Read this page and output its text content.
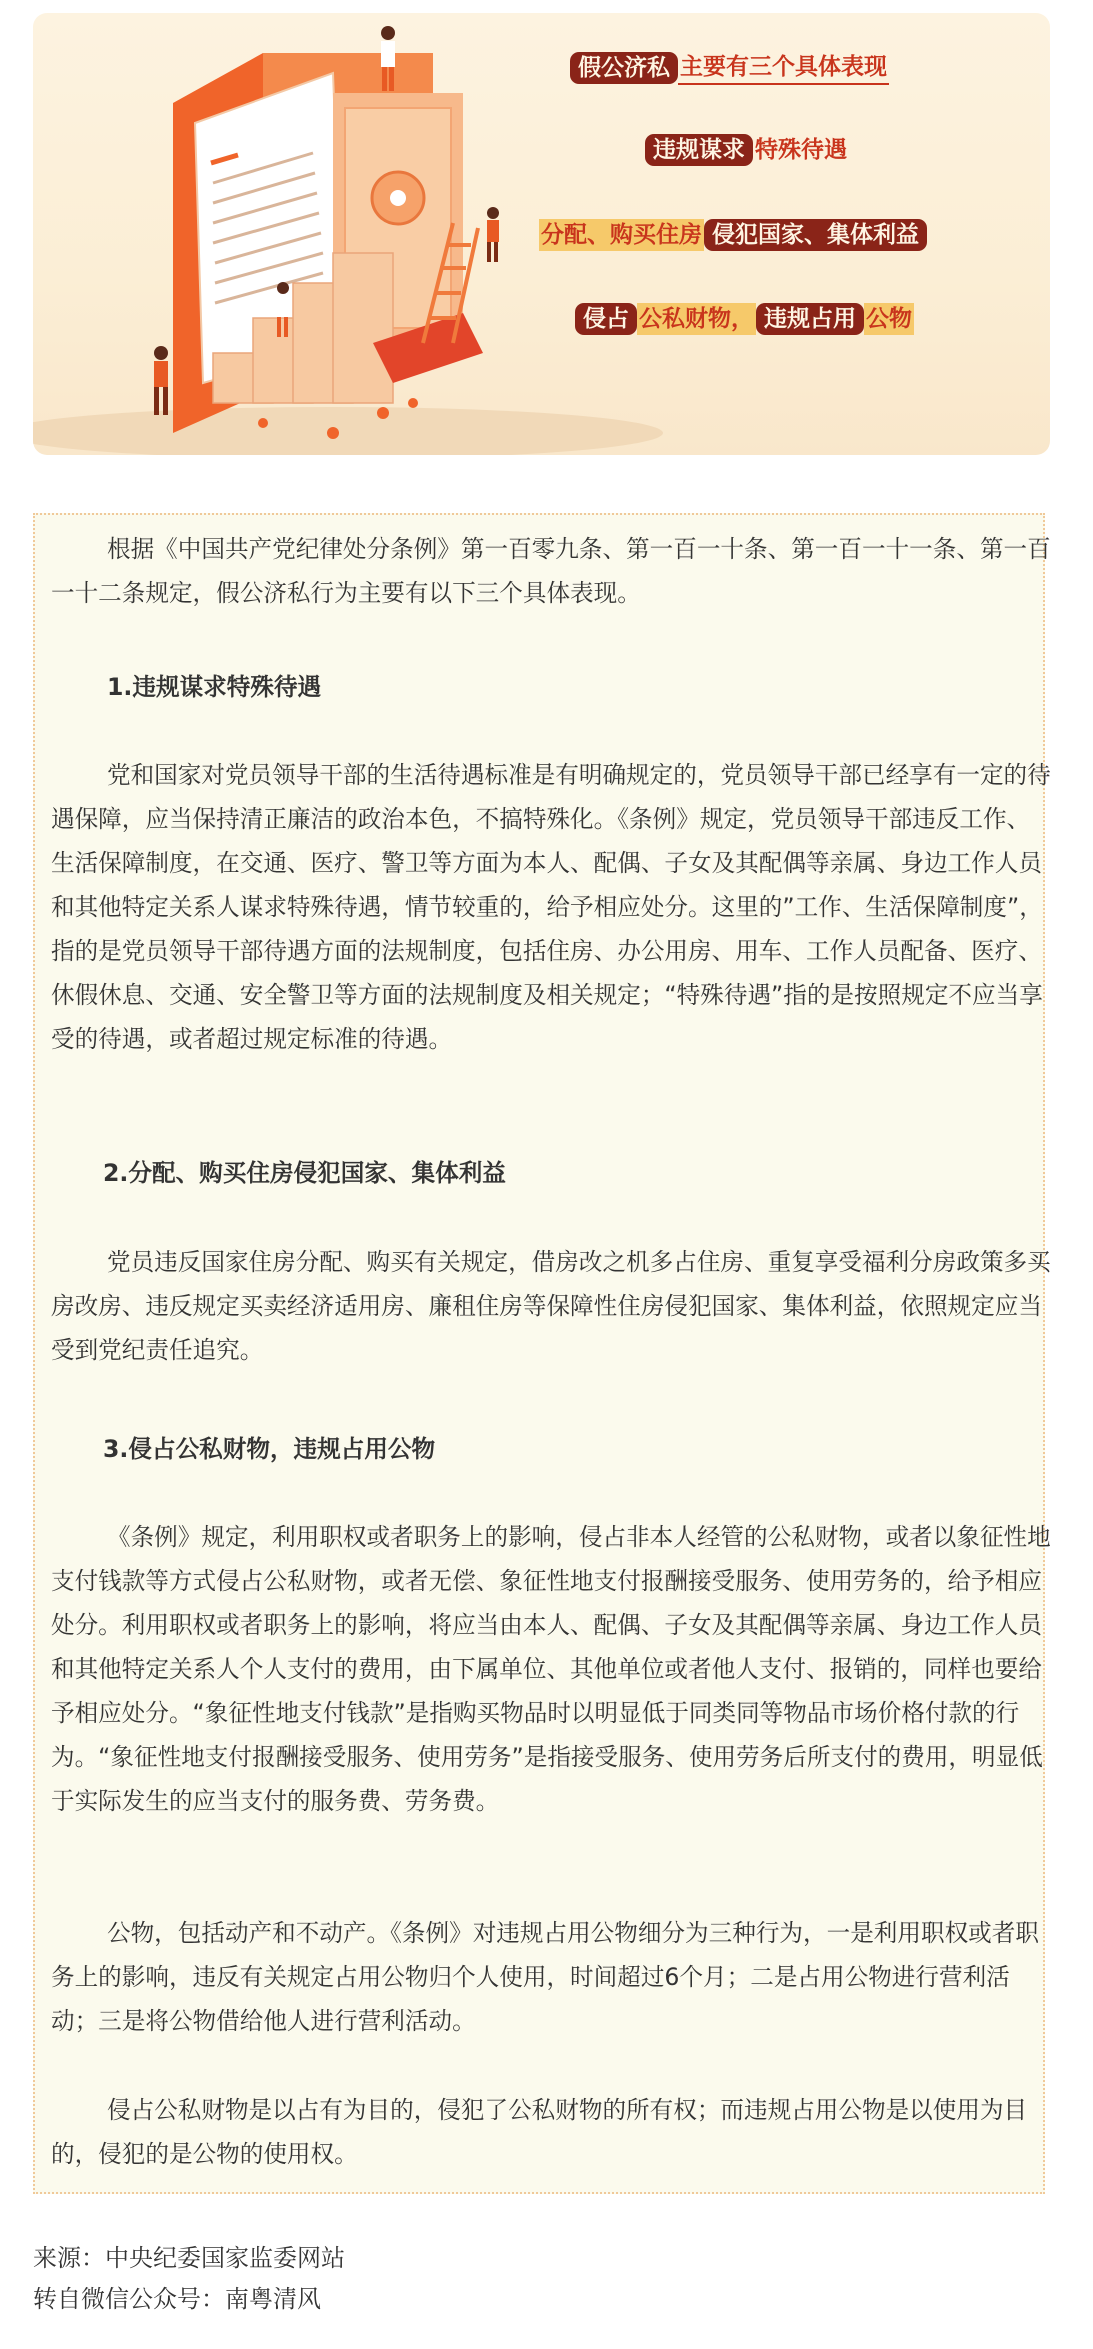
假公济私 主要有三个具体表现
违规谋求 特殊待遇
分配、购买住房 侵犯国家、集体利益
侵占 公私财物， 违规占用 公物

根据《中国共产党纪律处分条例》第一百零九条、第一百一十条、第一百一十一条、第一百一十二条规定，假公济私行为主要有以下三个具体表现。

1.违规谋求特殊待遇

党和国家对党员领导干部的生活待遇标准是有明确规定的，党员领导干部已经享有一定的待遇保障，应当保持清正廉洁的政治本色，不搞特殊化。《条例》规定，党员领导干部违反工作、生活保障制度，在交通、医疗、警卫等方面为本人、配偶、子女及其配偶等亲属、身边工作人员和其他特定关系人谋求特殊待遇，情节较重的，给予相应处分。这里的”工作、生活保障制度”，指的是党员领导干部待遇方面的法规制度，包括住房、办公用房、用车、工作人员配备、医疗、休假休息、交通、安全警卫等方面的法规制度及相关规定；“特殊待遇”指的是按照规定不应当享受的待遇，或者超过规定标准的待遇。

2.分配、购买住房侵犯国家、集体利益

党员违反国家住房分配、购买有关规定，借房改之机多占住房、重复享受福利分房政策多买房改房、违反规定买卖经济适用房、廉租住房等保障性住房侵犯国家、集体利益，依照规定应当受到党纪责任追究。

3.侵占公私财物，违规占用公物

《条例》规定，利用职权或者职务上的影响，侵占非本人经管的公私财物，或者以象征性地支付钱款等方式侵占公私财物，或者无偿、象征性地支付报酬接受服务、使用劳务的，给予相应处分。利用职权或者职务上的影响，将应当由本人、配偶、子女及其配偶等亲属、身边工作人员和其他特定关系人个人支付的费用，由下属单位、其他单位或者他人支付、报销的，同样也要给予相应处分。“象征性地支付钱款”是指购买物品时以明显低于同类同等物品市场价格付款的行为。“象征性地支付报酬接受服务、使用劳务”是指接受服务、使用劳务后所支付的费用，明显低于实际发生的应当支付的服务费、劳务费。

公物，包括动产和不动产。《条例》对违规占用公物细分为三种行为，一是利用职权或者职务上的影响，违反有关规定占用公物归个人使用，时间超过6个月；二是占用公物进行营利活动；三是将公物借给他人进行营利活动。

侵占公私财物是以占有为目的，侵犯了公私财物的所有权；而违规占用公物是以使用为目的，侵犯的是公物的使用权。

来源：中央纪委国家监委网站
转自微信公众号：南粤清风
